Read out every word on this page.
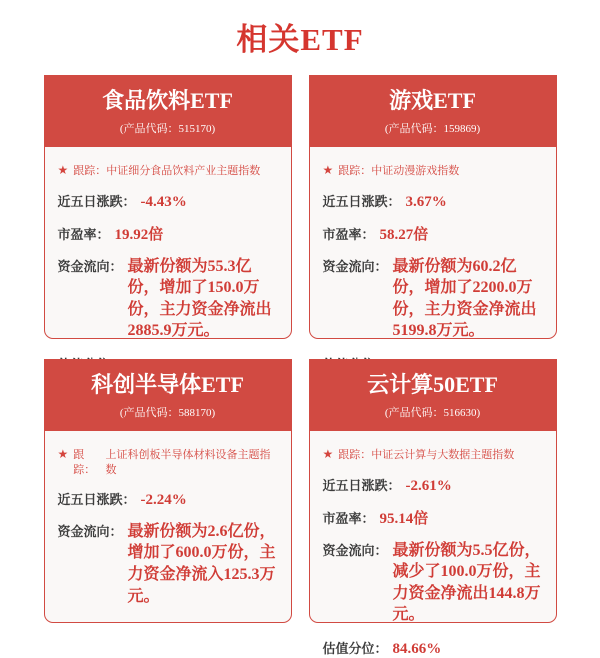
相关ETF
食品饮料ETF
(产品代码：515170)
★ 跟踪： 中证细分食品饮料产业主题指数
近五日涨跌： -4.43%
市盈率： 19.92倍
资金流向： 最新份额为55.3亿份，增加了150.0万份，主力资金净流出2885.9万元。
游戏ETF
(产品代码：159869)
★ 跟踪： 中证动漫游戏指数
近五日涨跌： 3.67%
市盈率： 58.27倍
资金流向： 最新份额为60.2亿份，增加了2200.0万份，主力资金净流出5199.8万元。
科创半导体ETF
(产品代码：588170)
★ 跟踪：
上证科创板半导体材料设备主题指数
近五日涨跌： -2.24%
资金流向： 最新份额为2.6亿份，增加了600.0万份，主力资金净流入125.3万元。
云计算50ETF
(产品代码：516630)
★ 跟踪： 中证云计算与大数据主题指数
近五日涨跌： -2.61%
市盈率： 95.14倍
资金流向： 最新份额为5.5亿份，减少了100.0万份，主力资金净流出144.8万元。
估值分位： 84.66%
